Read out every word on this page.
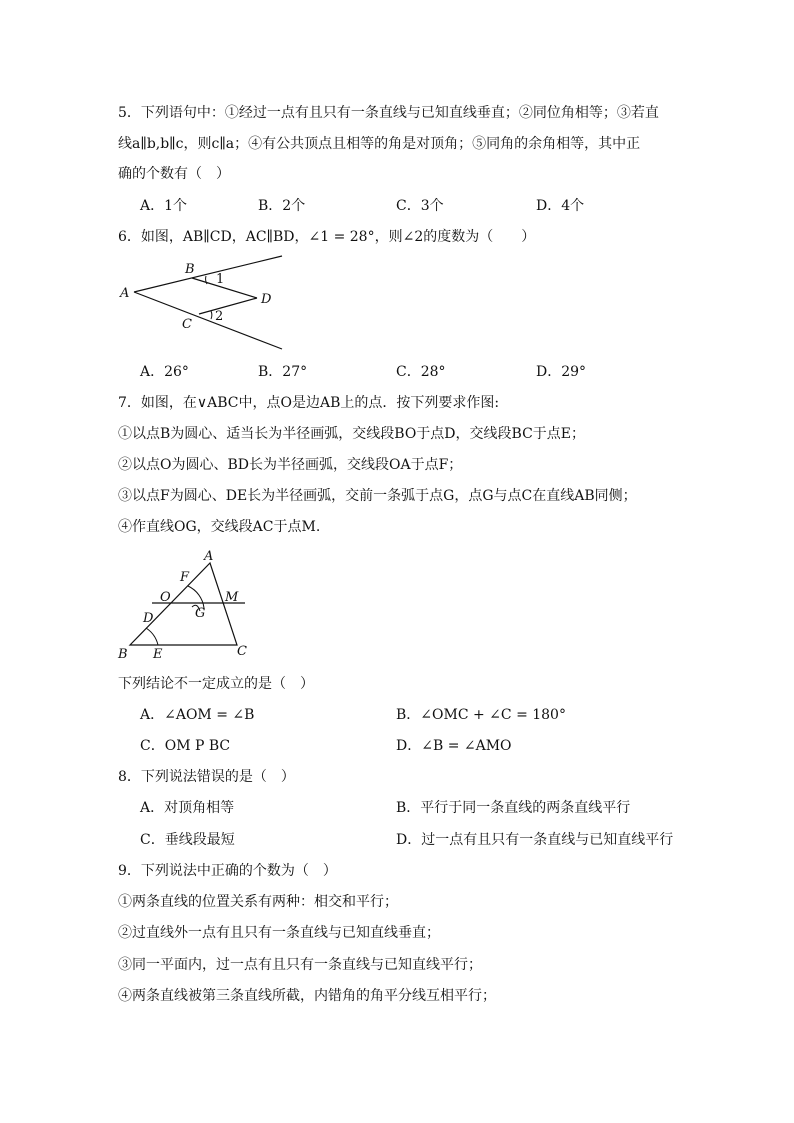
5．下列语句中：①经过一点有且只有一条直线与已知直线垂直；②同位角相等；③若直
线a∥b,b∥c，则c∥a；④有公共顶点且相等的角是对顶角；⑤同角的余角相等，其中正
确的个数有（　）
A．1个	B．2个	C．3个	D．4个
6．如图，AB∥CD，AC∥BD，∠1 = 28°，则∠2的度数为（　　）
A
B
C
D
1
2
A．26°	B．27°	C．28°	D．29°
7．如图，在∨ABC中，点O是边AB上的点．按下列要求作图:
①以点B为圆心、适当长为半径画弧，交线段BO于点D，交线段BC于点E；
②以点O为圆心、BD长为半径画弧，交线段OA于点F；
③以点F为圆心、DE长为半径画弧，交前一条弧于点G，点G与点C在直线AB同侧；
④作直线OG，交线段AC于点M.
A
F
O	M
G
D
B E	C
下列结论不一定成立的是（　）
A．∠AOM = ∠B	B．∠OMC + ∠C = 180°
C．OM P BC	D．∠B = ∠AMO
8．下列说法错误的是（　）
A．对顶角相等	B．平行于同一条直线的两条直线平行
C．垂线段最短	D．过一点有且只有一条直线与已知直线平行
9．下列说法中正确的个数为（　）
①两条直线的位置关系有两种：相交和平行；
②过直线外一点有且只有一条直线与已知直线垂直；
③同一平面内，过一点有且只有一条直线与已知直线平行；
④两条直线被第三条直线所截，内错角的角平分线互相平行；
